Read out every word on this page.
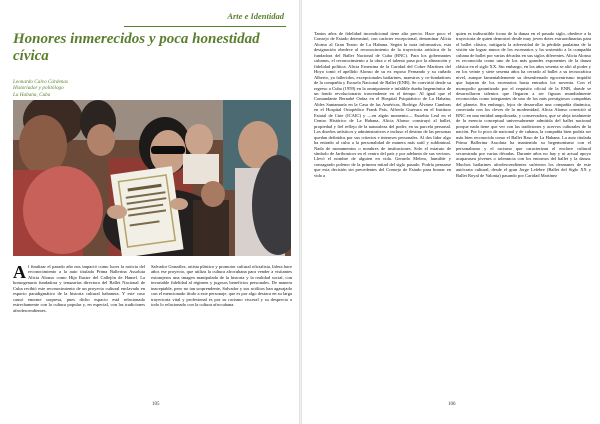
Arte e Identidad
Honores inmerecidos y poca honestidad cívica
Leonardo Calvo Cárdenas
Historiador y politólogo
La Habana, Cuba
A l finalizar el pasado año nos impactó como luces la noticia del reconocimiento a la auto titulada Prima Ballerina Assoluta Alicia Alonso como Hija Ilustre del Callejón de Hamel. La homogenaria fundadora y tenazarías directora del Ballet Nacional de Cuba recibió este reconocimiento de un proyecto cultural enclavado en espacio paradigmático de la historia cultural habanera. Y este caso causó enorme sorpresa, pues dicho espacio está relacionado estrechamente con la cultura popular y, en especial, con las tradiciones afrodescendientes.

Salvador González, artista plástico y promotor cultural oficialista, lidera hace años ese proyecto, que utiliza la cultura afrocubana para vender a visitantes extranjeros una imagen manipulada de la historia y la realidad social, con invariable fidelidad al régimen y jugosos beneficios personales. De manera inaceptable, pero no tan sorprendente, Salvador y sus acólitos han agasajado con el mencionado título a este personaje, que es por algo destaca en su larga trayectoria vital y profesional es por su racismo visceral y su desprecio a todo lo relacionado con la cultura afrocubana.

105

Tantos años de fidelidad incondicional tiene alto precio. Hace poco el Consejo de Estado determinó, con carácter excepcional, denominar Alicia Alonso al Gran Teatro de La Habana. Según la nota informativa, esta designación obedece al reconocimiento de la trayectoria artística de la fundadora del Ballet Nacional de Cuba (BNC). Para los gobernantes cubanos, el reconocimiento a la obra o el talento pasa por la alineación y fidelidad política. Alicia Ernestina de la Caridad del Cobre Martínez del Hoyo tomó el apellido Alonso de su ex esposo Fernando y su cuñado Alberto, ya fallecidos, excepcionales bailarines, maestros y co-fundadores de la compañía y Escuela Nacional de Ballet (ENB). Se convirtió desde su regreso a Cuba (1959) en la omnipotente e infalible dueña hegemónica de un fondo revolucionario trascendente en el tiempo. Al igual que el Comandante Bernabé Ordaz en el Hospital Psiquiátrico de La Habana, Aldes Santamaría en la Casa de las Américas, Rodrigo Álvarez Cambras en el Hospital Ortopédico Frank País, Alfredo Guevara en el Instituto Estatal de Cine (ICAIC) y —en algún momento— Eusebio Leal en el Centro Histórico de La Habana, Alicia Alonso construyó al ballet, propiedad y fiel reflejo de la naturaleza del poder, en su parcela personal. Los diseños artísticos y administrativos e incluso el destino de las personas quedan definidos por sus criterios e intereses personales. Al dos lidor algo ha entrado al culto a la personalidad de manera más sutil y subliminal. Nada de monumentos o nombres de instituciones. Solo el estatuto de símbolo de Jaribonicos en el centro del país y por adelanto de sus vecinos. Llevó el nombre de alguien en vida. Gerardo Melero, humilde y consagrado polemo de la primera mitad del siglo pasado. Podría pensarse que esta decisión sin precedentes del Consejo de Estado para honrar en vida a

quien es indiscutible ícono de la danza en el pasado siglo, obedece a la trayectoria de quien demostró desde muy joven dotes extraordinarias para el ballet clásico, mitigaría la adversidad de la pérdida paulatina de la visión sin lograr nunca de los escenarios y ha sostenido a la compañía cubana de ballet por varias décadas en sus siglos diferentes. Alicia Alonso es reconocida como uno de los más grandes exponentes de la danza clásica en el siglo XX. Sin embargo, en los años sesenta se alió al poder y en los veinte y siete sesenta años ha cerrado al ballet a su tecnocrática nivel, aunque lamentablemente su desenfrenado egocentrismo impidió que bajaran de los escenarios hasta entrados los noventa. Con el monopolio garantizado por el requisito oficial de la ENB, donde se desarrollaron talentos que llegaron a ser figuras mundialmente reconocidas como integrantes de uno de los más prestigiosos compañías del planeta. Sin embargo, lejos de desarrollar una compañía dinámica, conectada con los cleves de la modernidad, Alicia Alonso convirtió al BNC en una entidad anquilosada, y conservadora, que se aleja totalmente de la esencia conceptual universalmente admitida del ballet nacional porque nada tiene que ver con las tradiciones y acervos culturales de la nación. Por lo poco de nacional y de cubana, la compañía bien podría ser más bien reconocida como el Ballet Raso de La Habana. La auto titulada Prima Ballerina Assoluta ha mantenido su hegemonismo con el personalismo y el racismo que caracterizan el enclave cultural secuestrado por varias décadas. Durante años no hay y ni actual apoyo acaparaseu jóvenes o tolerancia con los entornos del ballet y la danza. Muchos bailarines afrodescendientes sufrieron los desmanes de este autócrata cultural, desde el gran Jorge Lefebre (Ballet del Siglo XX y Ballet Royal de Valonia) pasando por Caridad Martínez

106
